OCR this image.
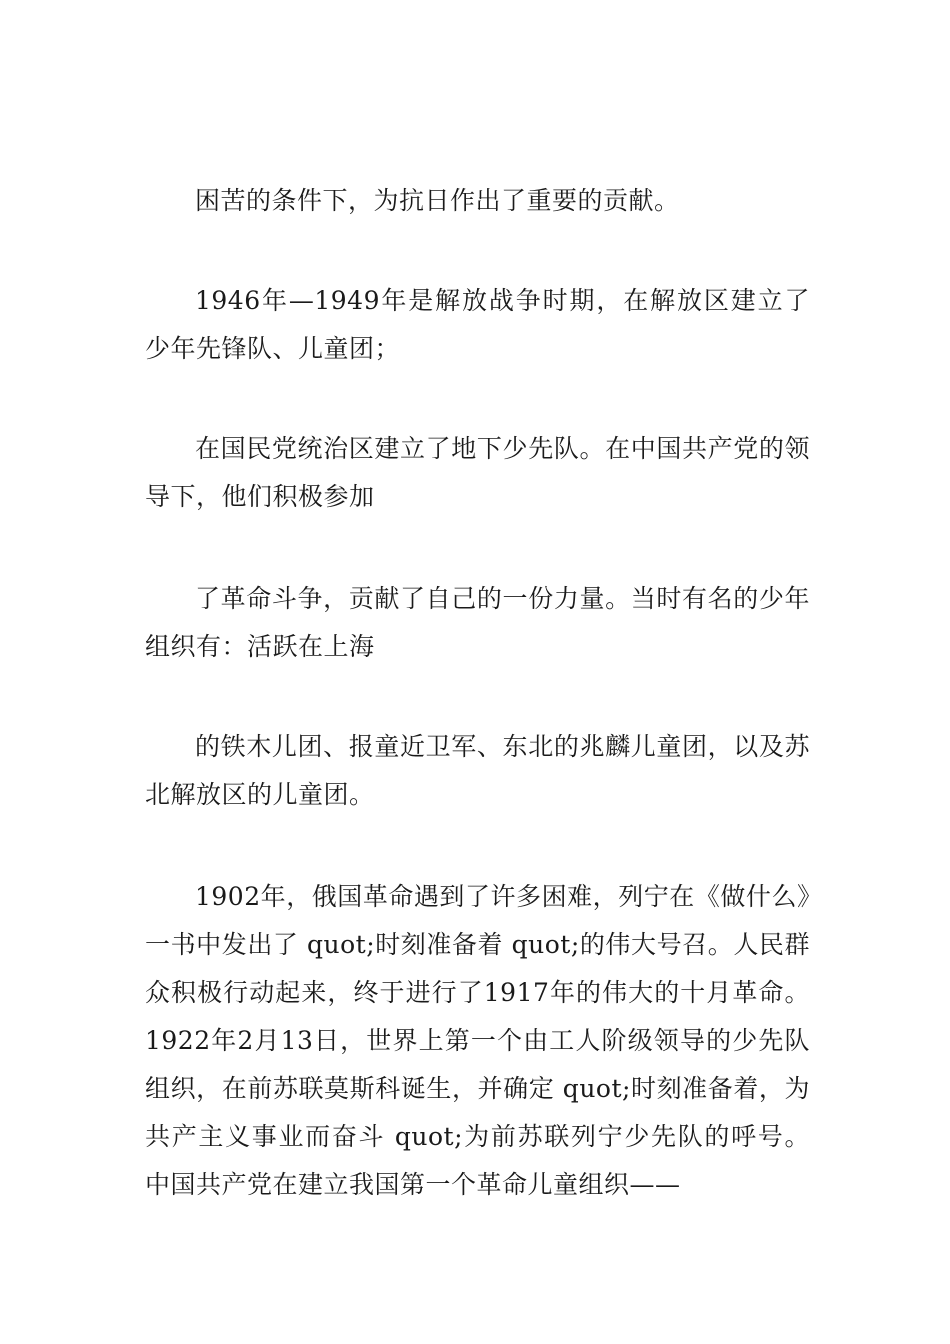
困苦的条件下，为抗日作出了重要的贡献。

1946年—1949年是解放战争时期，在解放区建立了少年先锋队、儿童团；

在国民党统治区建立了地下少先队。在中国共产党的领导下，他们积极参加

了革命斗争，贡献了自己的一份力量。当时有名的少年组织有：活跃在上海

的铁木儿团、报童近卫军、东北的兆麟儿童团，以及苏北解放区的儿童团。

1902年，俄国革命遇到了许多困难，列宁在《做什么》一书中发出了 quot;时刻准备着 quot;的伟大号召。人民群众积极行动起来，终于进行了1917年的伟大的十月革命。1922年2月13日，世界上第一个由工人阶级领导的少先队组织，在前苏联莫斯科诞生，并确定 quot;时刻准备着，为共产主义事业而奋斗 quot;为前苏联列宁少先队的呼号。 中国共产党在建立我国第一个革命儿童组织——
